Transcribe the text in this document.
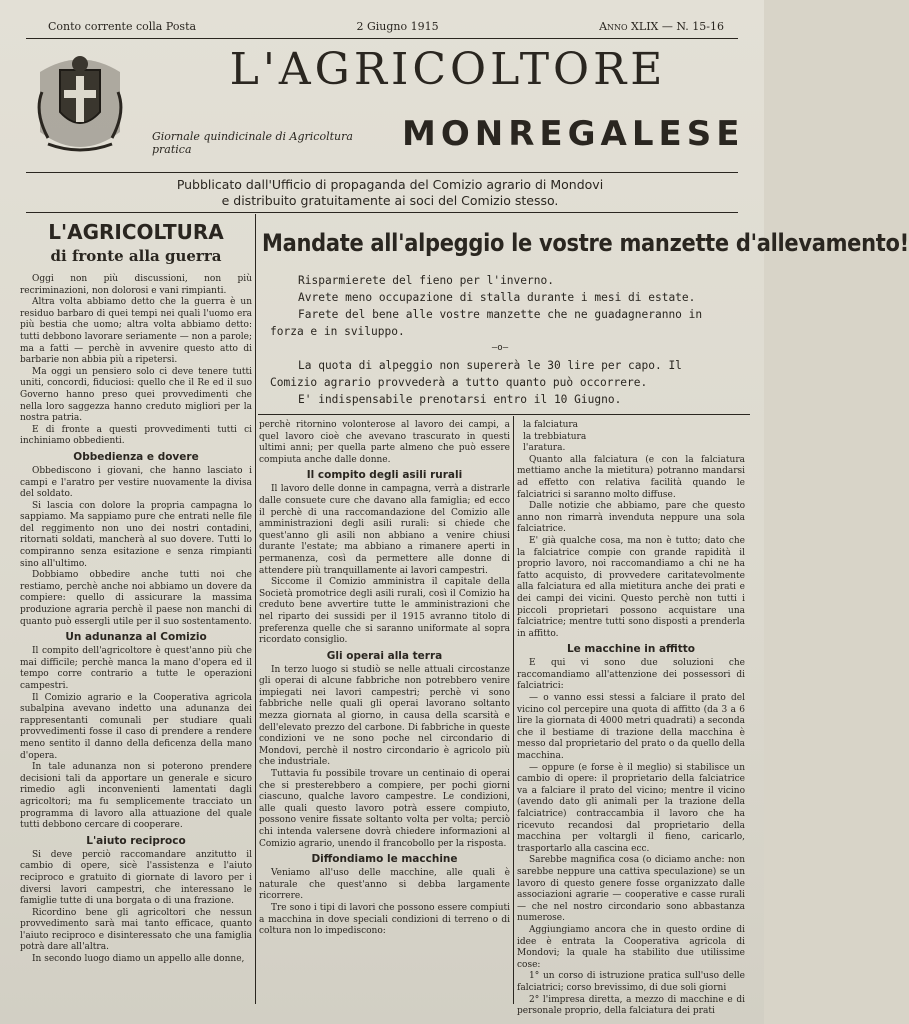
Conto corrente colla Posta	2 Giugno 1915	Anno XLIX — N. 15-16
L'AGRICOLTORE
Giornale quindicinale di Agricoltura pratica	MONREGALESE
Pubblicato dall'Ufficio di propaganda del Comizio agrario di Mondovi
e distribuito gratuitamente ai soci del Comizio stesso.
L'AGRICOLTURA
di fronte alla guerra

Oggi non più discussioni, non più recriminazioni, non dolorosi e vani rimpianti.

Altra volta abbiamo detto che la guerra è un residuo barbaro di quei tempi nei quali l'uomo era più bestia che uomo; altra volta abbiamo detto: tutti debbono lavorare seriamente — non a parole; ma a fatti — perchè in avvenire questo atto di barbarie non abbia più a ripetersi.

Ma oggi un pensiero solo ci deve tenere tutti uniti, concordi, fiduciosi: quello che il Re ed il suo Governo hanno preso quei provvedimenti che nella loro saggezza hanno creduto migliori per la nostra patria.

E di fronte a questi provvedimenti tutti ci inchiniamo obbedienti.

Obbedienza e dovere

Obbediscono i giovani, che hanno lasciato i campi e l'aratro per vestire nuovamente la divisa del soldato.

Si lascia con dolore la propria campagna lo sappiamo. Ma sappiamo pure che entrati nelle file del reggimento non uno dei nostri contadini, ritornati soldati, mancherà al suo dovere. Tutti lo compiranno senza esitazione e senza rimpianti sino all'ultimo.

Dobbiamo obbedire anche tutti noi che restiamo, perchè anche noi abbiamo un dovere da compiere: quello di assicurare la massima produzione agraria perchè il paese non manchi di quanto può essergli utile per il suo sostentamento.

Un adunanza al Comizio

Il compito dell'agricoltore è quest'anno più che mai difficile; perchè manca la mano d'opera ed il tempo corre contrario a tutte le operazioni campestri.

Il Comizio agrario e la Cooperativa agricola subalpina avevano indetto una adunanza dei rappresentanti comunali per studiare quali provvedimenti fosse il caso di prendere a rendere meno sentito il danno della deficenza della mano d'opera.

In tale adunanza non si poterono prendere decisioni tali da apportare un generale e sicuro rimedio agli inconvenienti lamentati dagli agricoltori; ma fu semplicemente tracciato un programma di lavoro alla attuazione del quale tutti debbono cercare di cooperare.

L'aiuto reciproco

Si deve perciò raccomandare anzitutto il cambio di opere, sicè l'assistenza e l'aiuto reciproco e gratuito di giornate di lavoro per i diversi lavori campestri, che interessano le famiglie tutte di una borgata o di una frazione.

Ricordino bene gli agricoltori che nessun provvedimento sarà mai tanto efficace, quanto l'aiuto reciproco e disinteressato che una famiglia potrà dare all'altra.

In secondo luogo diamo un appello alle donne,

Mandate all'alpeggio le vostre manzette d'allevamento!

Risparmierete del fieno per l'inverno.

Avrete meno occupazione di stalla durante i mesi di estate.

Farete del bene alle vostre manzette che ne guadagneranno in forza e in sviluppo.

—o—

La quota di alpeggio non supererà le 30 lire per capo. Il Comizio agrario provvederà a tutto quanto può occorrere.

E' indispensabile prenotarsi entro il 10 Giugno.

perchè ritornino volonterose al lavoro dei campi, a quel lavoro cioè che avevano trascurato in questi ultimi anni; per quella parte almeno che può essere compiuta anche dalle donne.

Il compito degli asili rurali

Il lavoro delle donne in campagna, verrà a distrarle dalle consuete cure che davano alla famiglia; ed ecco il perchè di una raccomandazione del Comizio alle amministrazioni degli asili rurali: si chiede che quest'anno gli asili non abbiano a venire chiusi durante l'estate; ma abbiano a rimanere aperti in permanenza, così da permettere alle donne di attendere più tranquillamente ai lavori campestri.

Siccome il Comizio amministra il capitale della Società promotrice degli asili rurali, così il Comizio ha creduto bene avvertire tutte le amministrazioni che nel riparto dei sussidi per il 1915 avranno titolo di preferenza quelle che si saranno uniformate al sopra ricordato consiglio.

Gli operai alla terra

In terzo luogo si studiò se nelle attuali circostanze gli operai di alcune fabbriche non potrebbero venire impiegati nei lavori campestri; perchè vi sono fabbriche nelle quali gli operai lavorano soltanto mezza giornata al giorno, in causa della scarsità e dell'elevato prezzo del carbone. Di fabbriche in queste condizioni ve ne sono poche nel circondario di Mondovi, perchè il nostro circondario è agricolo più che industriale.

Tuttavia fu possibile trovare un centinaio di operai che si presterebbero a compiere, per pochi giorni ciascuno, qualche lavoro campestre. Le condizioni, alle quali questo lavoro potrà essere compiuto, possono venire fissate soltanto volta per volta; perciò chi intenda valersene dovrà chiedere informazioni al Comizio agrario, unendo il francobollo per la risposta.

Diffondiamo le macchine

Veniamo all'uso delle macchine, alle quali è naturale che quest'anno si debba largamente ricorrere.

Tre sono i tipi di lavori che possono essere compiuti a macchina in dove speciali condizioni di terreno o di coltura non lo impediscono:

la falciatura
la trebbiatura
l'aratura.

Quanto alla falciatura (e con la falciatura mettiamo anche la mietitura) potranno mandarsi ad effetto con relativa facilità quando le falciatrici si saranno molto diffuse.

Dalle notizie che abbiamo, pare che questo anno non rimarrà invenduta neppure una sola falciatrice.

E' già qualche cosa, ma non è tutto; dato che la falciatrice compie con grande rapidità il proprio lavoro, noi raccomandiamo a chi ne ha fatto acquisto, di provvedere caritatevolmente alla falciatura ed alla mietitura anche dei prati e dei campi dei vicini. Questo perchè non tutti i piccoli proprietari possono acquistare una falciatrice; mentre tutti sono disposti a prenderla in affitto.

Le macchine in affitto

E qui vi sono due soluzioni che raccomandiamo all'attenzione dei possessori di falciatrici:

— o vanno essi stessi a falciare il prato del vicino col percepire una quota di affitto (da 3 a 6 lire la giornata di 4000 metri quadrati) a seconda che il bestiame di trazione della macchina è messo dal proprietario del prato o da quello della macchina.

— oppure (e forse è il meglio) si stabilisce un cambio di opere: il proprietario della falciatrice va a falciare il prato del vicino; mentre il vicino (avendo dato gli animali per la trazione della falciatrice) contraccambia il lavoro che ha ricevuto recandosi dal proprietario della macchina per voltargli il fieno, caricarlo, trasportarlo alla cascina ecc.

Sarebbe magnifica cosa (o diciamo anche: non sarebbe neppure una cattiva speculazione) se un lavoro di questo genere fosse organizzato dalle associazioni agrarie — cooperative e casse rurali — che nel nostro circondario sono abbastanza numerose.

Aggiungiamo ancora che in questo ordine di idee è entrata la Cooperativa agricola di Mondovi; la quale ha stabilito due utilissime cose:

1° un corso di istruzione pratica sull'uso delle falciatrici; corso brevissimo, di due soli giorni

2° l'impresa diretta, a mezzo di macchine e di personale proprio, della falciatura dei prati
